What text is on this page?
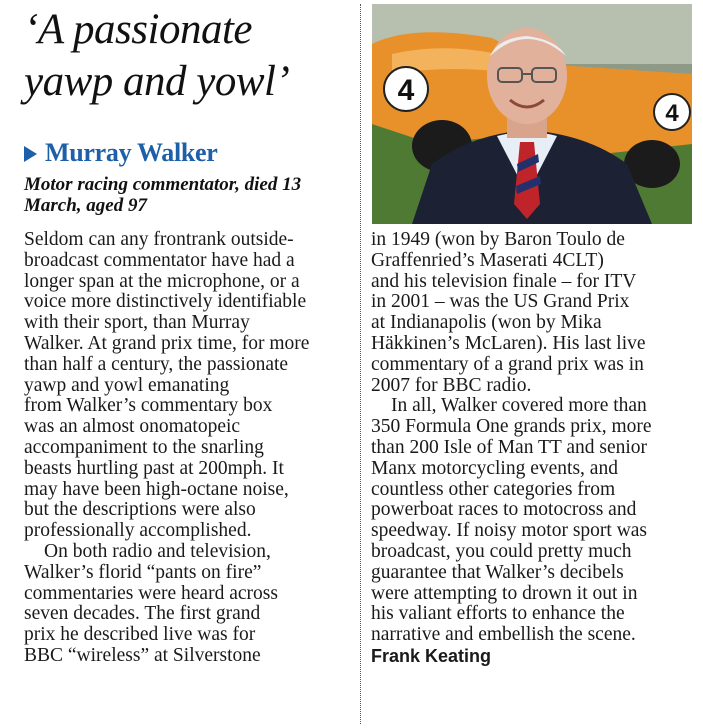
‘A passionate yawp and yowl’
Murray Walker
Motor racing commentator, died 13 March, aged 97
4
4

Seldom can any frontrank outside-
broadcast commentator have had a
longer span at the microphone, or a
voice more distinctively identifiable
with their sport, than Murray
Walker. At grand prix time, for more
than half a century, the passionate
yawp and yowl emanating
from Walker’s commentary box
was an almost onomatopeic
accompaniment to the snarling
beasts hurtling past at 200mph. It
may have been high-octane noise,
but the descriptions were also
professionally accomplished.

On both radio and television,
Walker’s florid “pants on fire”
commentaries were heard across
seven decades. The first grand
prix he described live was for
BBC “wireless” at Silverstone

in 1949 (won by Baron Toulo de
Graffenried’s Maserati 4CLT)
and his television finale – for ITV
in 2001 – was the US Grand Prix
at Indianapolis (won by Mika
Häkkinen’s McLaren). His last live
commentary of a grand prix was in
2007 for BBC radio.

In all, Walker covered more than
350 Formula One grands prix, more
than 200 Isle of Man TT and senior
Manx motorcycling events, and
countless other categories from
powerboat races to motocross and
speedway. If noisy motor sport was
broadcast, you could pretty much
guarantee that Walker’s decibels
were attempting to drown it out in
his valiant efforts to enhance the
narrative and embellish the scene.

Frank Keating
